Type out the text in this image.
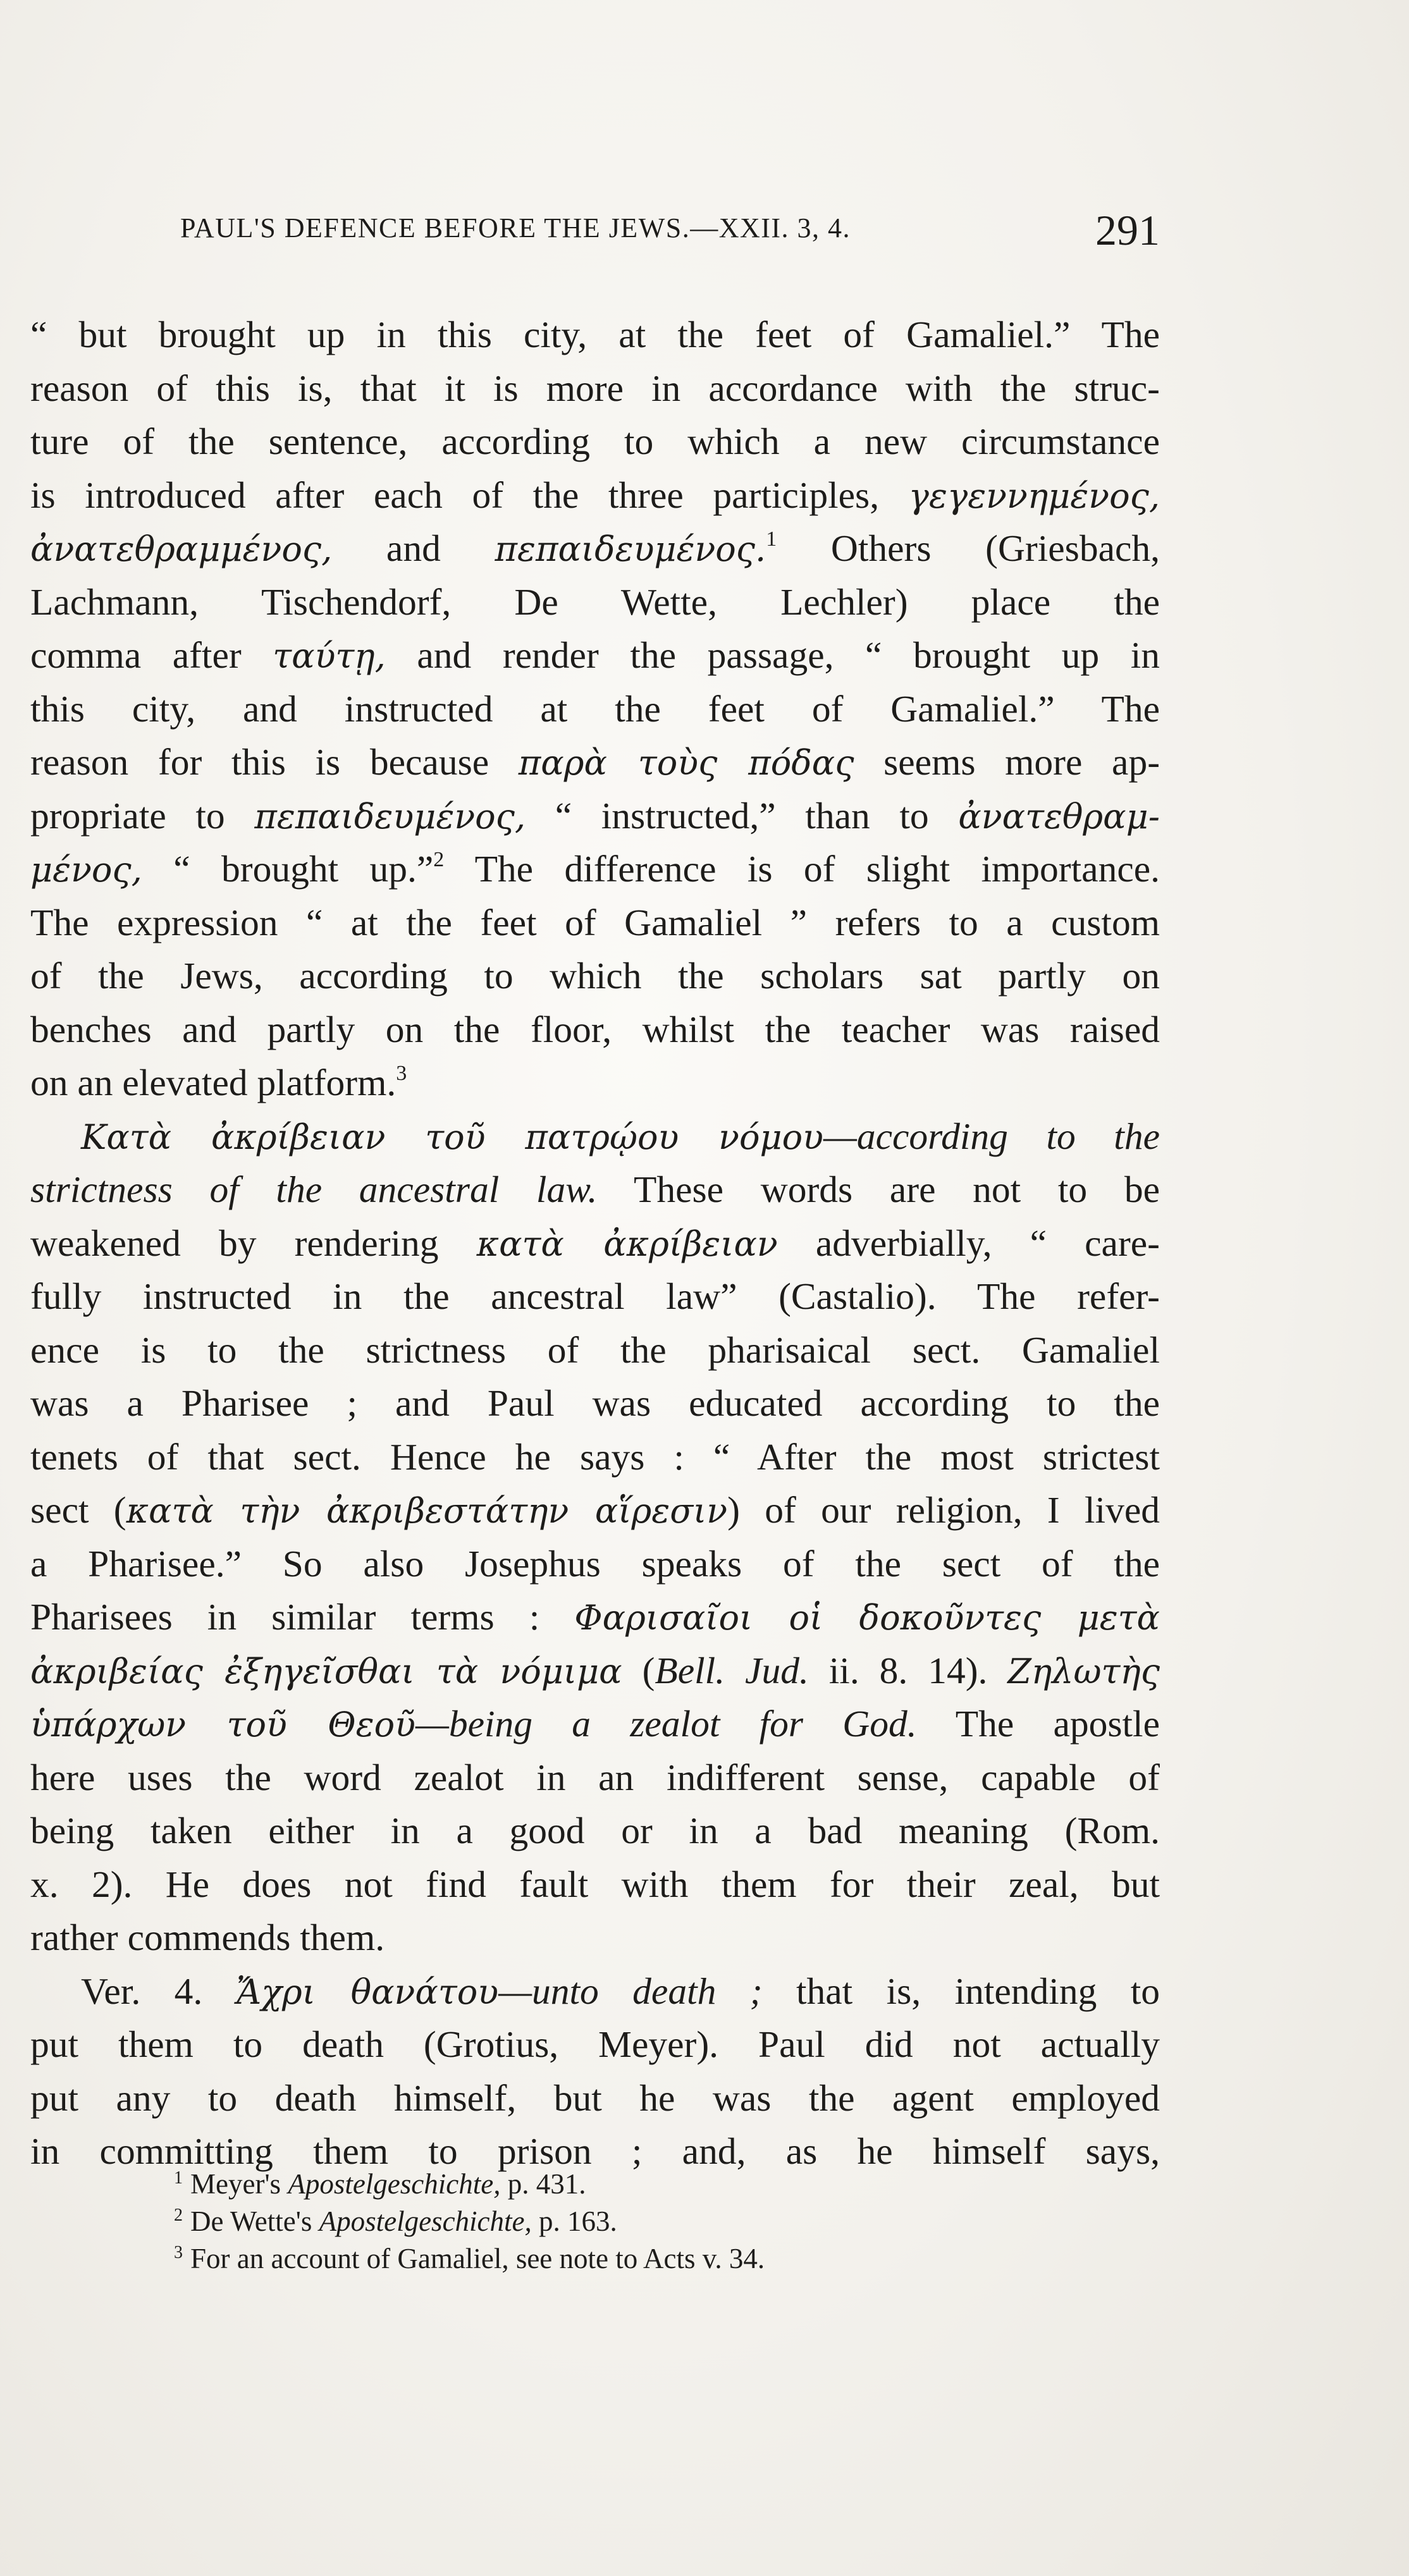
PAUL'S DEFENCE BEFORE THE JEWS.—XXII. 3, 4.	291
“ but brought up in this city, at the feet of Gamaliel.” The
reason of this is, that it is more in accordance with the struc-
ture of the sentence, according to which a new circumstance
is introduced after each of the three participles, γεγεννημένος,
ἀνατεθραμμένος, and πεπαιδευμένος.$^1$ Others (Griesbach,
Lachmann, Tischendorf, De Wette, Lechler) place the
comma after ταύτῃ, and render the passage, “ brought up in
this city, and instructed at the feet of Gamaliel.” The
reason for this is because παρὰ τοὺς πόδας seems more ap-
propriate to πεπαιδευμένος, “ instructed,” than to ἀνατεθραμ-
μένος, “ brought up.”$^2$ The difference is of slight importance.
The expression “ at the feet of Gamaliel ” refers to a custom
of the Jews, according to which the scholars sat partly on
benches and partly on the floor, whilst the teacher was raised
on an elevated platform.$^3$
Κατὰ ἀκρίβειαν τοῦ πατρῴου νόμου—according to the
strictness of the ancestral law. These words are not to be
weakened by rendering κατὰ ἀκρίβειαν adverbially, “ care-
fully instructed in the ancestral law” (Castalio). The refer-
ence is to the strictness of the pharisaical sect. Gamaliel
was a Pharisee ; and Paul was educated according to the
tenets of that sect. Hence he says : “ After the most strictest
sect (κατὰ τὴν ἀκριβεστάτην αἵρεσιν) of our religion, I lived
a Pharisee.” So also Josephus speaks of the sect of the
Pharisees in similar terms : Φαρισαῖοι οἱ δοκοῦντες μετὰ
ἀκριβείας ἐξηγεῖσθαι τὰ νόμιμα (Bell. Jud. ii. 8. 14). Ζηλωτὴς
ὑπάρχων τοῦ Θεοῦ—being a zealot for God. The apostle
here uses the word zealot in an indifferent sense, capable of
being taken either in a good or in a bad meaning (Rom.
x. 2). He does not find fault with them for their zeal, but
rather commends them.
Ver. 4. Ἄχρι θανάτου—unto death ; that is, intending to
put them to death (Grotius, Meyer). Paul did not actually
put any to death himself, but he was the agent employed
in committing them to prison ; and, as he himself says,
$^1$ Meyer's Apostelgeschichte, p. 431.
$^2$ De Wette's Apostelgeschichte, p. 163.
$^3$ For an account of Gamaliel, see note to Acts v. 34.
